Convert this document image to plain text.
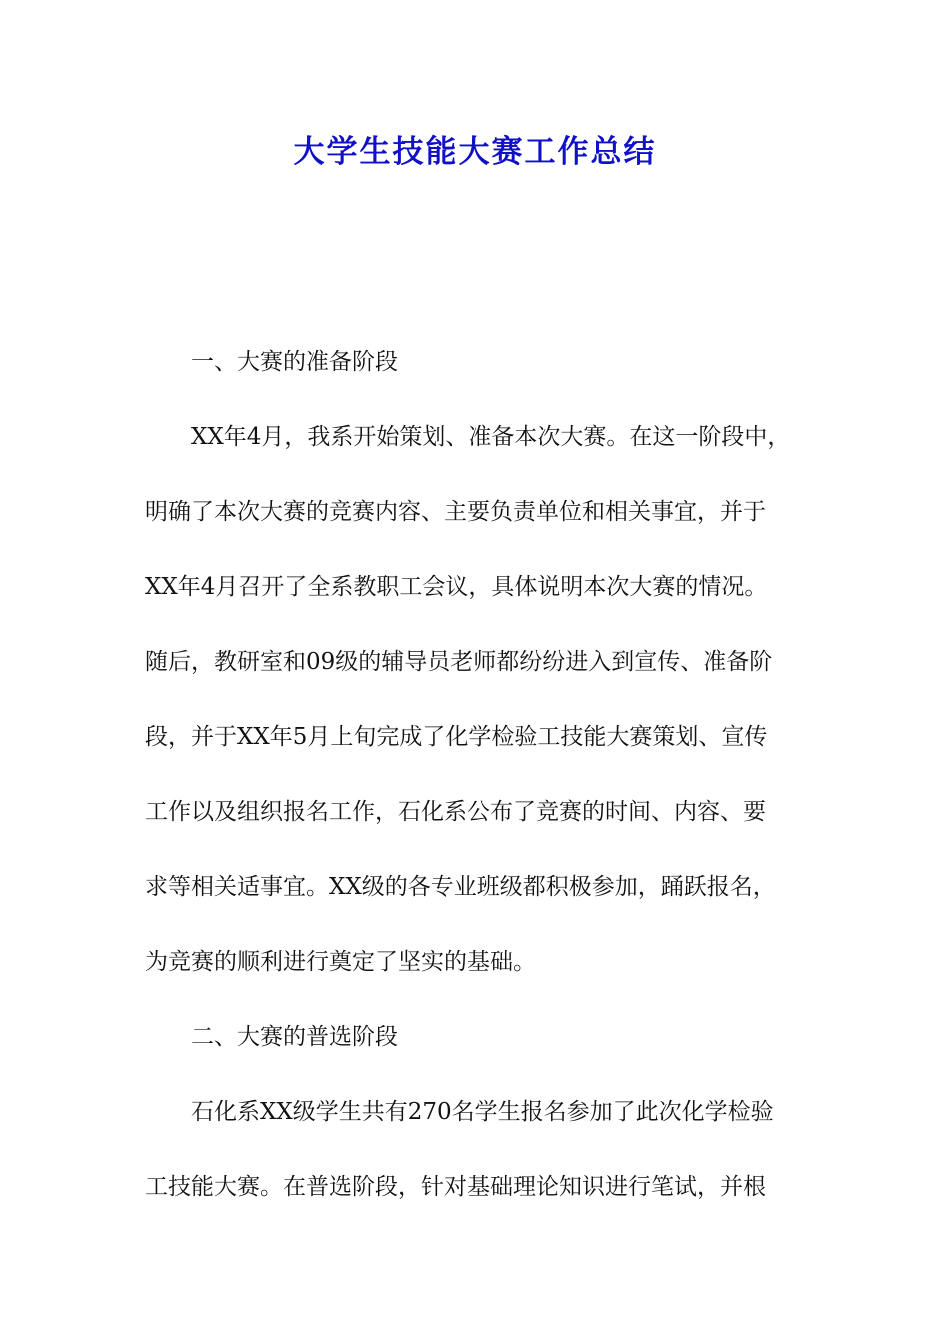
大学生技能大赛工作总结
一、大赛的准备阶段
XX年4月，我系开始策划、准备本次大赛。在这一阶段中，
明确了本次大赛的竞赛内容、主要负责单位和相关事宜，并于
XX年4月召开了全系教职工会议，具体说明本次大赛的情况。
随后，教研室和09级的辅导员老师都纷纷进入到宣传、准备阶
段，并于XX年5月上旬完成了化学检验工技能大赛策划、宣传
工作以及组织报名工作，石化系公布了竞赛的时间、内容、要
求等相关适事宜。XX级的各专业班级都积极参加，踊跃报名，
为竞赛的顺利进行奠定了坚实的基础。
二、大赛的普选阶段
石化系XX级学生共有270名学生报名参加了此次化学检验
工技能大赛。在普选阶段，针对基础理论知识进行笔试，并根
